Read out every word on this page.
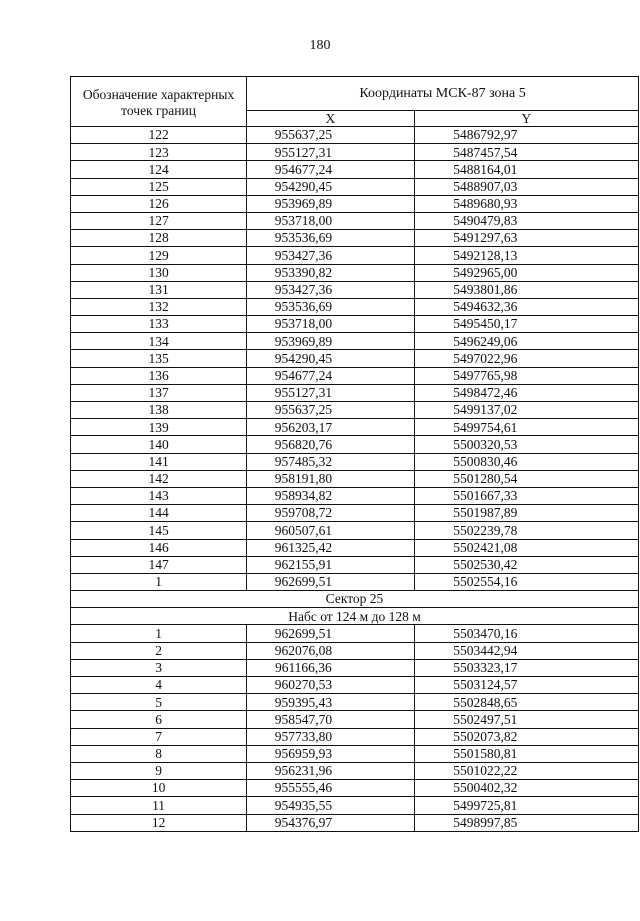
180
Обозначение характерных точек границ	Координаты МСК-87 зона 5	
	X	Y
122	955637,25	5486792,97
123	955127,31	5487457,54
124	954677,24	5488164,01
125	954290,45	5488907,03
126	953969,89	5489680,93
127	953718,00	5490479,83
128	953536,69	5491297,63
129	953427,36	5492128,13
130	953390,82	5492965,00
131	953427,36	5493801,86
132	953536,69	5494632,36
133	953718,00	5495450,17
134	953969,89	5496249,06
135	954290,45	5497022,96
136	954677,24	5497765,98
137	955127,31	5498472,46
138	955637,25	5499137,02
139	956203,17	5499754,61
140	956820,76	5500320,53
141	957485,32	5500830,46
142	958191,80	5501280,54
143	958934,82	5501667,33
144	959708,72	5501987,89
145	960507,61	5502239,78
146	961325,42	5502421,08
147	962155,91	5502530,42
1	962699,51	5502554,16
Сектор 25		
Набс от 124 м до 128 м		
1	962699,51	5503470,16
2	962076,08	5503442,94
3	961166,36	5503323,17
4	960270,53	5503124,57
5	959395,43	5502848,65
6	958547,70	5502497,51
7	957733,80	5502073,82
8	956959,93	5501580,81
9	956231,96	5501022,22
10	955555,46	5500402,32
11	954935,55	5499725,81
12	954376,97	5498997,85
